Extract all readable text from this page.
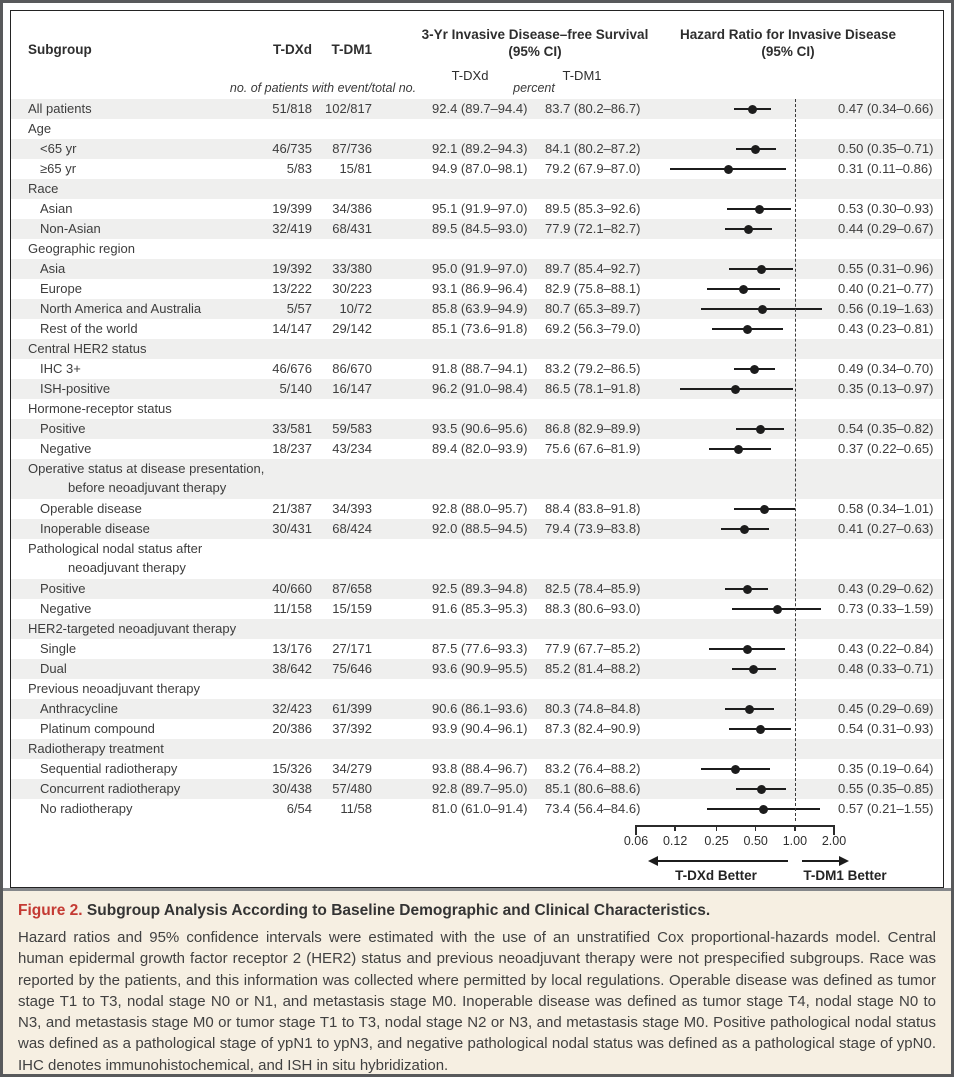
Subgroup	T-DXd	T-DM1
3-Yr Invasive Disease–free Survival (95% CI)
Hazard Ratio for Invasive Disease (95% CI)
T-DXd	T-DM1
no. of patients with event/total no.	percent
All patients	51/818	102/817	92.4 (89.7–94.4) 83.7 (80.2–86.7)	0.47 (0.34–0.66)
Age
<65 yr	46/735	87/736	92.1 (89.2–94.3) 84.1 (80.2–87.2)	0.50 (0.35–0.71)
≥65 yr	5/83	15/81	94.9 (87.0–98.1) 79.2 (67.9–87.0)	0.31 (0.11–0.86)
Race
Asian	19/399	34/386	95.1 (91.9–97.0) 89.5 (85.3–92.6)	0.53 (0.30–0.93)
Non-Asian	32/419	68/431	89.5 (84.5–93.0) 77.9 (72.1–82.7)	0.44 (0.29–0.67)
Geographic region
Asia	19/392	33/380	95.0 (91.9–97.0) 89.7 (85.4–92.7)	0.55 (0.31–0.96)
Europe	13/222	30/223	93.1 (86.9–96.4) 82.9 (75.8–88.1)	0.40 (0.21–0.77)
North America and Australia	5/57	10/72	85.8 (63.9–94.9) 80.7 (65.3–89.7)	0.56 (0.19–1.63)
Rest of the world	14/147	29/142	85.1 (73.6–91.8) 69.2 (56.3–79.0)	0.43 (0.23–0.81)
Central HER2 status
IHC 3+	46/676	86/670	91.8 (88.7–94.1) 83.2 (79.2–86.5)	0.49 (0.34–0.70)
ISH-positive	5/140	16/147	96.2 (91.0–98.4) 86.5 (78.1–91.8)	0.35 (0.13–0.97)
Hormone-receptor status
Positive	33/581	59/583	93.5 (90.6–95.6) 86.8 (82.9–89.9)	0.54 (0.35–0.82)
Negative	18/237	43/234	89.4 (82.0–93.9) 75.6 (67.6–81.9)	0.37 (0.22–0.65)
Operative status at disease presentation,
before neoadjuvant therapy
Operable disease	21/387	34/393	92.8 (88.0–95.7) 88.4 (83.8–91.8)	0.58 (0.34–1.01)
Inoperable disease	30/431	68/424	92.0 (88.5–94.5) 79.4 (73.9–83.8)	0.41 (0.27–0.63)
Pathological nodal status after
neoadjuvant therapy
Positive	40/660	87/658	92.5 (89.3–94.8) 82.5 (78.4–85.9)	0.43 (0.29–0.62)
Negative	11/158	15/159	91.6 (85.3–95.3) 88.3 (80.6–93.0)	0.73 (0.33–1.59)
HER2-targeted neoadjuvant therapy
Single	13/176	27/171	87.5 (77.6–93.3) 77.9 (67.7–85.2)	0.43 (0.22–0.84)
Dual	38/642	75/646	93.6 (90.9–95.5) 85.2 (81.4–88.2)	0.48 (0.33–0.71)
Previous neoadjuvant therapy
Anthracycline	32/423	61/399	90.6 (86.1–93.6) 80.3 (74.8–84.8)	0.45 (0.29–0.69)
Platinum compound	20/386	37/392	93.9 (90.4–96.1) 87.3 (82.4–90.9)	0.54 (0.31–0.93)
Radiotherapy treatment
Sequential radiotherapy	15/326	34/279	93.8 (88.4–96.7) 83.2 (76.4–88.2)	0.35 (0.19–0.64)
Concurrent radiotherapy	30/438	57/480	92.8 (89.7–95.0) 85.1 (80.6–88.6)	0.55 (0.35–0.85)
No radiotherapy	6/54	11/58	81.0 (61.0–91.4) 73.4 (56.4–84.6)	0.57 (0.21–1.55)
0.06	0.12	0.25	0.50	1.00	2.00
T-DXd Better	T-DM1 Better
Figure 2. Subgroup Analysis According to Baseline Demographic and Clinical Characteristics.
Hazard ratios and 95% confidence intervals were estimated with the use of an unstratified Cox proportional-hazards model. Central human epidermal growth factor receptor 2 (HER2) status and previous neoadjuvant therapy were not prespecified subgroups. Race was reported by the patients, and this information was collected where permitted by local regulations. Operable disease was defined as tumor stage T1 to T3, nodal stage N0 or N1, and metastasis stage M0. Inoperable disease was defined as tumor stage T4, nodal stage N0 to N3, and metastasis stage M0 or tumor stage T1 to T3, nodal stage N2 or N3, and metastasis stage M0. Positive pathological nodal status was defined as a pathological stage of ypN1 to ypN3, and negative pathological nodal status was defined as a pathological stage of ypN0. IHC denotes immunohistochemical, and ISH in situ hybridization.
